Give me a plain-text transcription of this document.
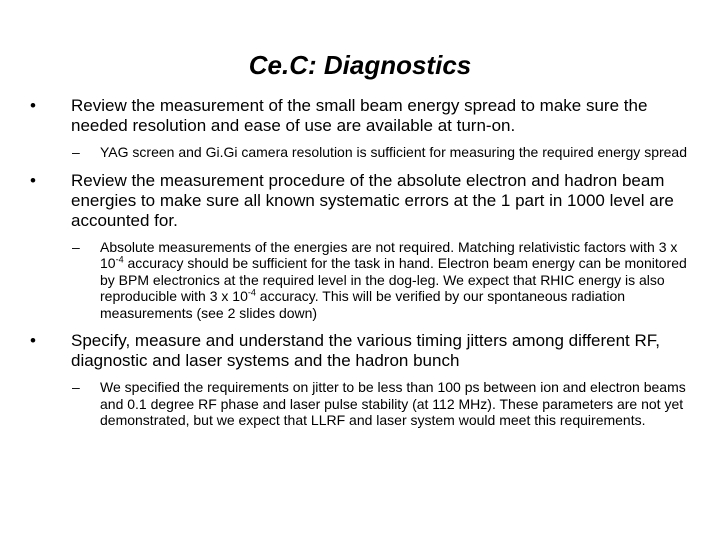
Ce.C: Diagnostics
•	Review the measurement of the small beam energy spread to make sure the needed resolution and ease of use are available at turn-on.
– YAG screen and Gi.Gi camera resolution is sufficient for measuring the required energy spread
•	Review the measurement procedure of the absolute electron and hadron beam energies to make sure all known systematic errors at the 1 part in 1000 level are accounted for.
– Absolute measurements of the energies are not required. Matching relativistic factors with 3 x $10^{-4}$ accuracy should be sufficient for the task in hand. Electron beam energy can be monitored by BPM electronics at the required level in the dog-leg. We expect that RHIC energy is also reproducible with 3 x $10^{-4}$ accuracy. This will be verified by our spontaneous radiation measurements (see 2 slides down)
•	Specify, measure and understand the various timing jitters among different RF, diagnostic and laser systems and the hadron bunch
– We specified the requirements on jitter to be less than 100 ps between ion and electron beams and 0.1 degree RF phase and laser pulse stability (at 112 MHz). These parameters are not yet demonstrated, but we expect that LLRF and laser system would meet this requirements.
